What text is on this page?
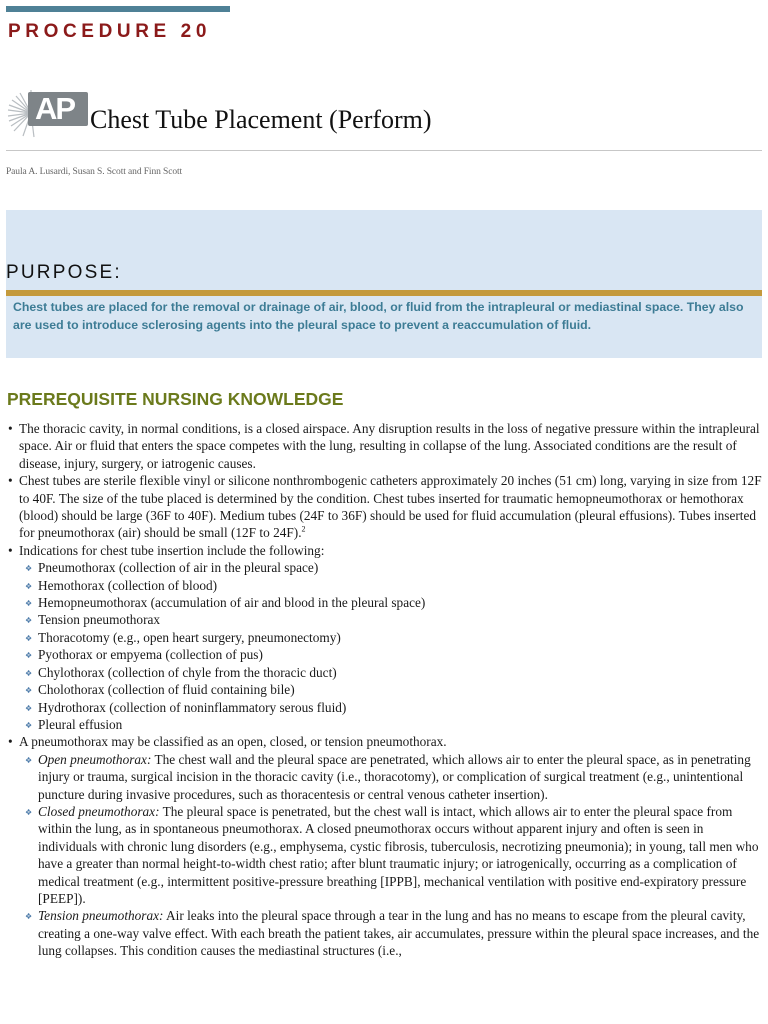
PROCEDURE 20
AP Chest Tube Placement (Perform)
Paula A. Lusardi, Susan S. Scott and Finn Scott
PURPOSE:
Chest tubes are placed for the removal or drainage of air, blood, or fluid from the intrapleural or mediastinal space. They also are used to introduce sclerosing agents into the pleural space to prevent a reaccumulation of fluid.
PREREQUISITE NURSING KNOWLEDGE
• The thoracic cavity, in normal conditions, is a closed airspace. Any disruption results in the loss of negative pressure within the intrapleural space. Air or fluid that enters the space competes with the lung, resulting in collapse of the lung. Associated conditions are the result of disease, injury, surgery, or iatrogenic causes.
• Chest tubes are sterile flexible vinyl or silicone nonthrombogenic catheters approximately 20 inches (51 cm) long, varying in size from 12F to 40F. The size of the tube placed is determined by the condition. Chest tubes inserted for traumatic hemopneumothorax or hemothorax (blood) should be large (36F to 40F). Medium tubes (24F to 36F) should be used for fluid accumulation (pleural effusions). Tubes inserted for pneumothorax (air) should be small (12F to 24F).$^2$
• Indications for chest tube insertion include the following:
❖ Pneumothorax (collection of air in the pleural space)
❖ Hemothorax (collection of blood)
❖ Hemopneumothorax (accumulation of air and blood in the pleural space)
❖ Tension pneumothorax
❖ Thoracotomy (e.g., open heart surgery, pneumonectomy)
❖ Pyothorax or empyema (collection of pus)
❖ Chylothorax (collection of chyle from the thoracic duct)
❖ Cholothorax (collection of fluid containing bile)
❖ Hydrothorax (collection of noninflammatory serous fluid)
❖ Pleural effusion
• A pneumothorax may be classified as an open, closed, or tension pneumothorax.
❖ Open pneumothorax: The chest wall and the pleural space are penetrated, which allows air to enter the pleural space, as in penetrating injury or trauma, surgical incision in the thoracic cavity (i.e., thoracotomy), or complication of surgical treatment (e.g., unintentional puncture during invasive procedures, such as thoracentesis or central venous catheter insertion).
❖ Closed pneumothorax: The pleural space is penetrated, but the chest wall is intact, which allows air to enter the pleural space from within the lung, as in spontaneous pneumothorax. A closed pneumothorax occurs without apparent injury and often is seen in individuals with chronic lung disorders (e.g., emphysema, cystic fibrosis, tuberculosis, necrotizing pneumonia); in young, tall men who have a greater than normal height-to-width chest ratio; after blunt traumatic injury; or iatrogenically, occurring as a complication of medical treatment (e.g., intermittent positive-pressure breathing [IPPB], mechanical ventilation with positive end-expiratory pressure [PEEP]).
❖ Tension pneumothorax: Air leaks into the pleural space through a tear in the lung and has no means to escape from the pleural cavity, creating a one-way valve effect. With each breath the patient takes, air accumulates, pressure within the pleural space increases, and the lung collapses. This condition causes the mediastinal structures (i.e.,
